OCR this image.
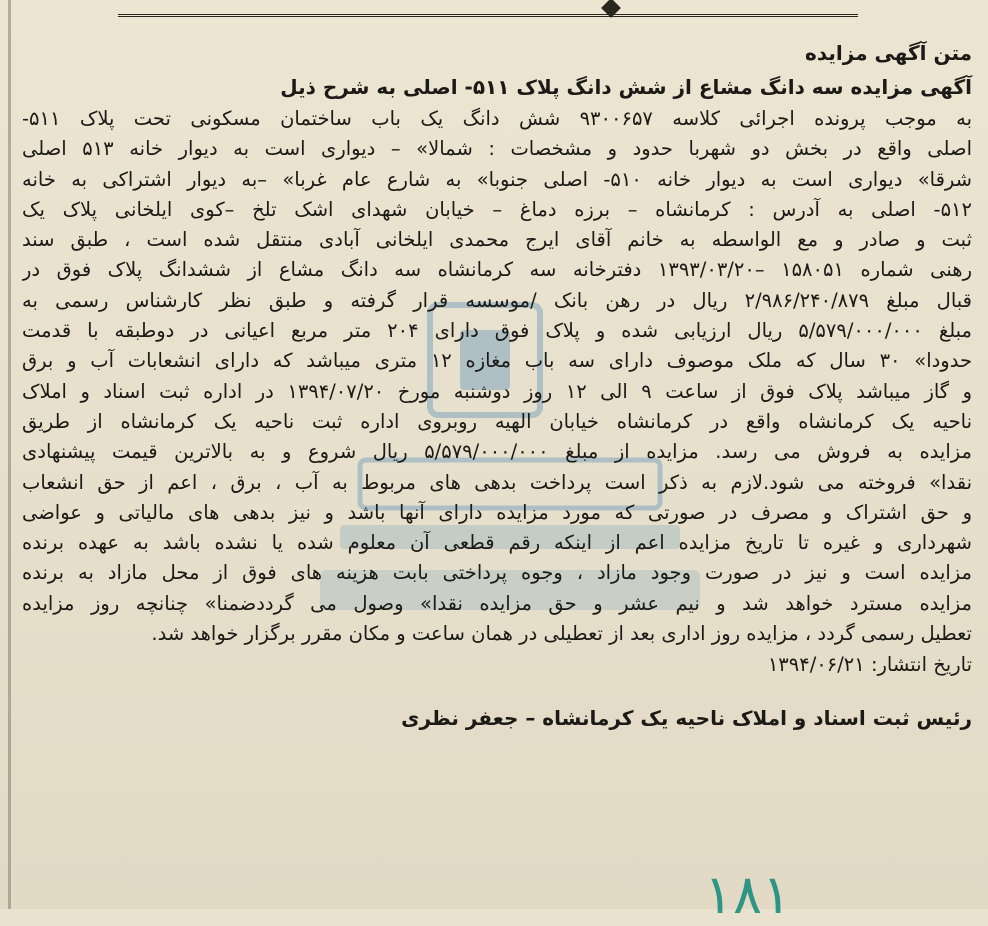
متن آگهی مزایده
آگهی مزایده سه دانگ مشاع از شش دانگ پلاک ۵۱۱- اصلی به شرح ذیل
به موجب پرونده اجرائی کلاسه ۹۳۰۰۶۵۷ شش دانگ یک باب ساختمان مسکونی تحت پلاک ۵۱۱-
اصلی واقع در بخش دو شهربا حدود و مشخصات : شمالا» – دیواری است به دیوار خانه ۵۱۳ اصلی
شرقا» دیواری است به دیوار خانه ۵۱۰- اصلی جنوبا» به شارع عام غربا» –به دیوار اشتراکی به خانه
۵۱۲- اصلی به آدرس : کرمانشاه – برزه دماغ – خیابان شهدای اشک تلخ –کوی ایلخانی پلاک یک
ثبت و صادر و مع الواسطه به خانم آقای ایرج محمدی ایلخانی آبادی منتقل شده است ، طبق سند
رهنی شماره ۱۵۸۰۵۱ –۱۳۹۳/۰۳/۲۰ دفترخانه سه کرمانشاه سه دانگ مشاع از ششدانگ پلاک فوق در
قبال مبلغ ۲/۹۸۶/۲۴۰/۸۷۹ ریال در رهن بانک /موسسه قرار گرفته و طبق نظر کارشناس رسمی به
مبلغ ۵/۵۷۹/۰۰۰/۰۰۰ ریال ارزیابی شده و پلاک فوق دارای ۲۰۴ متر مربع اعیانی در دوطبقه با قدمت
حدودا» ۳۰ سال که ملک موصوف دارای سه باب مغازه ۱۲ متری میباشد که دارای انشعابات آب و برق
و گاز میباشد پلاک فوق از ساعت ۹ الی ۱۲ روز دوشنبه مورخ ۱۳۹۴/۰۷/۲۰ در اداره ثبت اسناد و املاک
ناحیه یک کرمانشاه واقع در کرمانشاه خیابان الهیه روبروی اداره ثبت ناحیه یک کرمانشاه از طریق
مزایده به فروش می رسد. مزایده از مبلغ ۵/۵۷۹/۰۰۰/۰۰۰ ریال شروع و به بالاترین قیمت پیشنهادی
نقدا» فروخته می شود.لازم به ذکر است پرداخت بدهی های مربوط به آب ، برق ، اعم از حق انشعاب
و حق اشتراک و مصرف در صورتی که مورد مزایده دارای آنها باشد و نیز بدهی های مالیاتی و عواضی
شهرداری و غیره تا تاریخ مزایده اعم از اینکه رقم قطعی آن معلوم شده یا نشده باشد به عهده برنده
مزایده است و نیز در صورت وجود مازاد ، وجوه پرداختی بابت هزینه های فوق از محل مازاد به برنده
مزایده مسترد خواهد شد و نیم عشر و حق مزایده نقدا» وصول می گرددضمنا» چنانچه روز مزایده
تعطیل رسمی گردد ، مزایده روز اداری بعد از تعطیلی در همان ساعت و مکان مقرر برگزار خواهد شد.
تاریخ انتشار: ۱۳۹۴/۰۶/۲۱
رئیس ثبت اسناد و املاک ناحیه یک کرمانشاه – جعفر نظری
۱۸۱
